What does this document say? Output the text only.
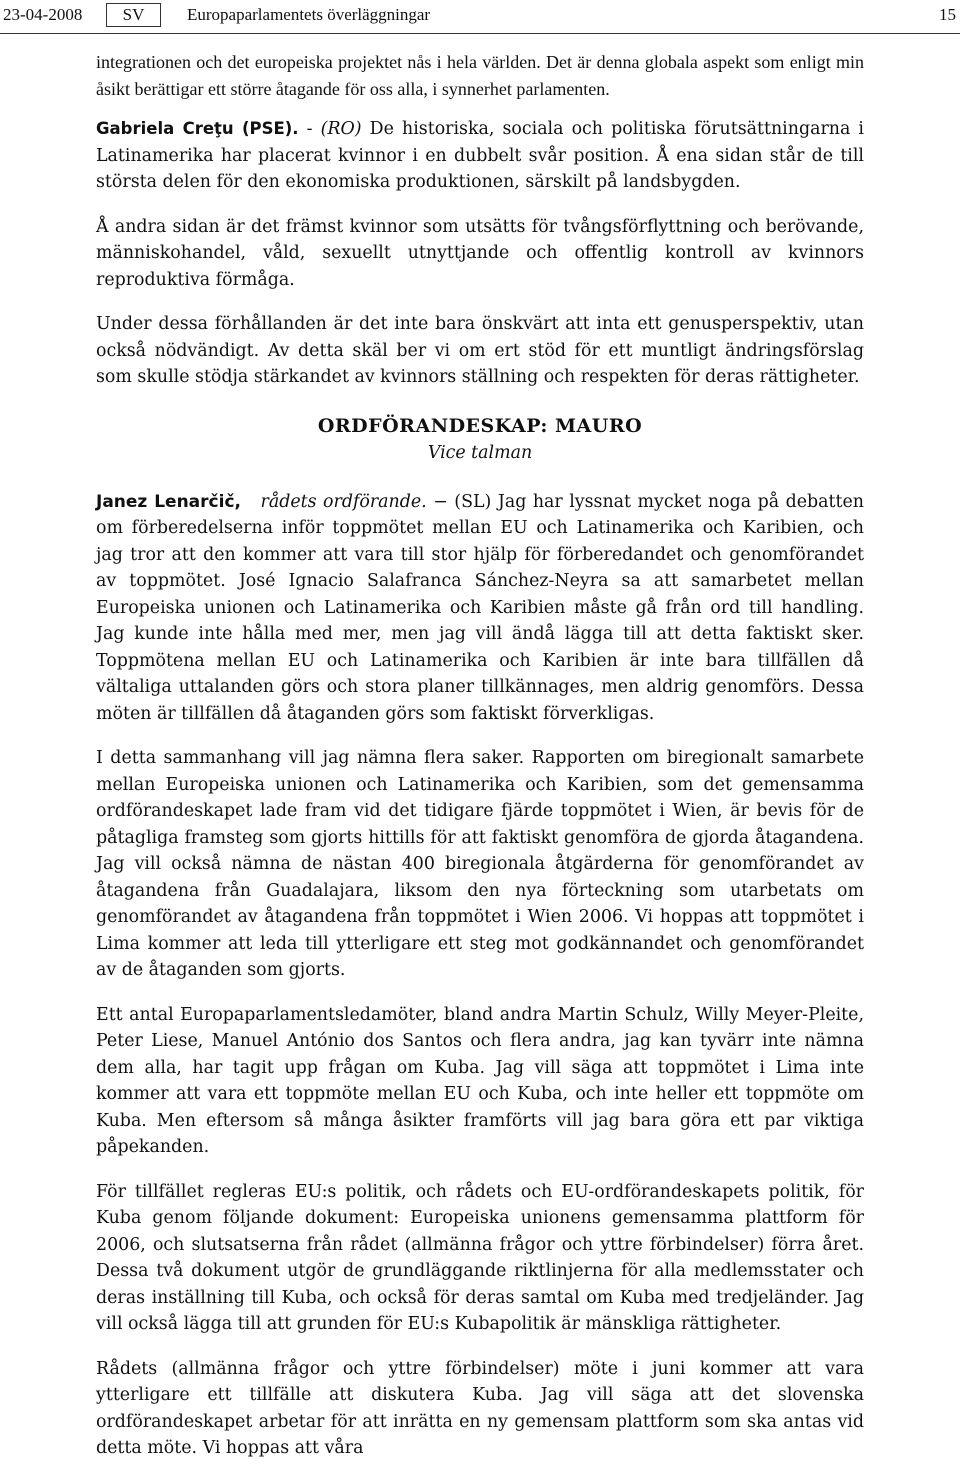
23-04-2008	SV	Europaparlamentets överläggningar	15

integrationen och det europeiska projektet nås i hela världen. Det är denna globala aspekt som enligt min åsikt berättigar ett större åtagande för oss alla, i synnerhet parlamenten.

Gabriela Creţu (PSE). - (RO) De historiska, sociala och politiska förutsättningarna i Latinamerika har placerat kvinnor i en dubbelt svår position. Å ena sidan står de till största delen för den ekonomiska produktionen, särskilt på landsbygden.

Å andra sidan är det främst kvinnor som utsätts för tvångsförflyttning och berövande, människohandel, våld, sexuellt utnyttjande och offentlig kontroll av kvinnors reproduktiva förmåga.

Under dessa förhållanden är det inte bara önskvärt att inta ett genusperspektiv, utan också nödvändigt. Av detta skäl ber vi om ert stöd för ett muntligt ändringsförslag som skulle stödja stärkandet av kvinnors ställning och respekten för deras rättigheter.

ORDFÖRANDESKAP: MAURO
Vice talman

Janez Lenarčič, rådets ordförande. − (SL) Jag har lyssnat mycket noga på debatten om förberedelserna inför toppmötet mellan EU och Latinamerika och Karibien, och jag tror att den kommer att vara till stor hjälp för förberedandet och genomförandet av toppmötet. José Ignacio Salafranca Sánchez-Neyra sa att samarbetet mellan Europeiska unionen och Latinamerika och Karibien måste gå från ord till handling. Jag kunde inte hålla med mer, men jag vill ändå lägga till att detta faktiskt sker. Toppmötena mellan EU och Latinamerika och Karibien är inte bara tillfällen då vältaliga uttalanden görs och stora planer tillkännages, men aldrig genomförs. Dessa möten är tillfällen då åtaganden görs som faktiskt förverkligas.

I detta sammanhang vill jag nämna flera saker. Rapporten om biregionalt samarbete mellan Europeiska unionen och Latinamerika och Karibien, som det gemensamma ordförandeskapet lade fram vid det tidigare fjärde toppmötet i Wien, är bevis för de påtagliga framsteg som gjorts hittills för att faktiskt genomföra de gjorda åtagandena. Jag vill också nämna de nästan 400 biregionala åtgärderna för genomförandet av åtagandena från Guadalajara, liksom den nya förteckning som utarbetats om genomförandet av åtagandena från toppmötet i Wien 2006. Vi hoppas att toppmötet i Lima kommer att leda till ytterligare ett steg mot godkännandet och genomförandet av de åtaganden som gjorts.

Ett antal Europaparlamentsledamöter, bland andra Martin Schulz, Willy Meyer-Pleite, Peter Liese, Manuel António dos Santos och flera andra, jag kan tyvärr inte nämna dem alla, har tagit upp frågan om Kuba. Jag vill säga att toppmötet i Lima inte kommer att vara ett toppmöte mellan EU och Kuba, och inte heller ett toppmöte om Kuba. Men eftersom så många åsikter framförts vill jag bara göra ett par viktiga påpekanden.

För tillfället regleras EU:s politik, och rådets och EU-ordförandeskapets politik, för Kuba genom följande dokument: Europeiska unionens gemensamma plattform för 2006, och slutsatserna från rådet (allmänna frågor och yttre förbindelser) förra året. Dessa två dokument utgör de grundläggande riktlinjerna för alla medlemsstater och deras inställning till Kuba, och också för deras samtal om Kuba med tredjeländer. Jag vill också lägga till att grunden för EU:s Kubapolitik är mänskliga rättigheter.

Rådets (allmänna frågor och yttre förbindelser) möte i juni kommer att vara ytterligare ett tillfälle att diskutera Kuba. Jag vill säga att det slovenska ordförandeskapet arbetar för att inrätta en ny gemensam plattform som ska antas vid detta möte. Vi hoppas att våra
